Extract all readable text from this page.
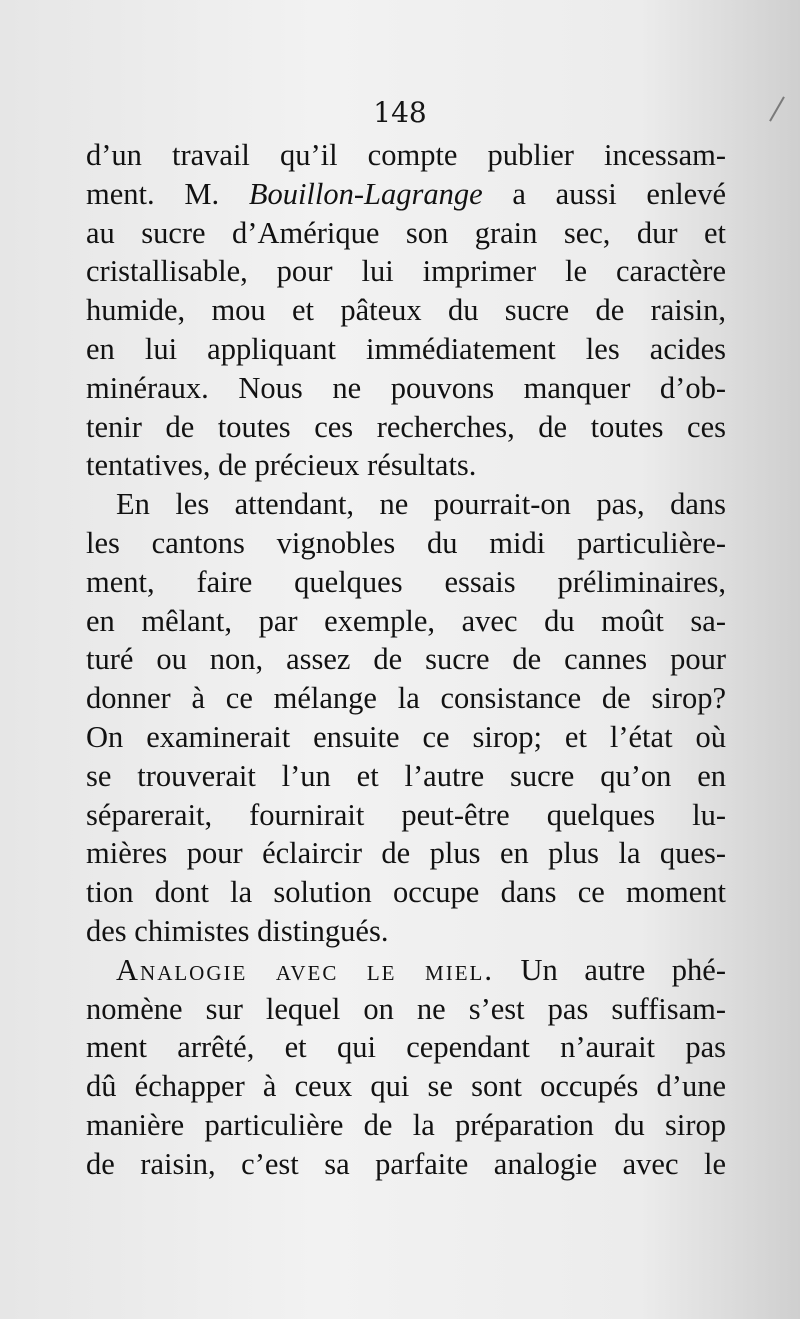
148
d’un travail qu’il compte publier incessam-
ment. M. Bouillon-Lagrange a aussi enlevé
au sucre d’Amérique son grain sec, dur et
cristallisable, pour lui imprimer le caractère
humide, mou et pâteux du sucre de raisin,
en lui appliquant immédiatement les acides
minéraux. Nous ne pouvons manquer d’ob-
tenir de toutes ces recherches, de toutes ces
tentatives, de précieux résultats.
En les attendant, ne pourrait-on pas, dans
les cantons vignobles du midi particulière-
ment, faire quelques essais préliminaires,
en mêlant, par exemple, avec du moût sa-
turé ou non, assez de sucre de cannes pour
donner à ce mélange la consistance de sirop?
On examinerait ensuite ce sirop; et l’état où
se trouverait l’un et l’autre sucre qu’on en
séparerait, fournirait peut-être quelques lu-
mières pour éclaircir de plus en plus la ques-
tion dont la solution occupe dans ce moment
des chimistes distingués.
Analogie avec le miel. Un autre phé-
nomène sur lequel on ne s’est pas suffisam-
ment arrêté, et qui cependant n’aurait pas
dû échapper à ceux qui se sont occupés d’une
manière particulière de la préparation du sirop
de raisin, c’est sa parfaite analogie avec le
